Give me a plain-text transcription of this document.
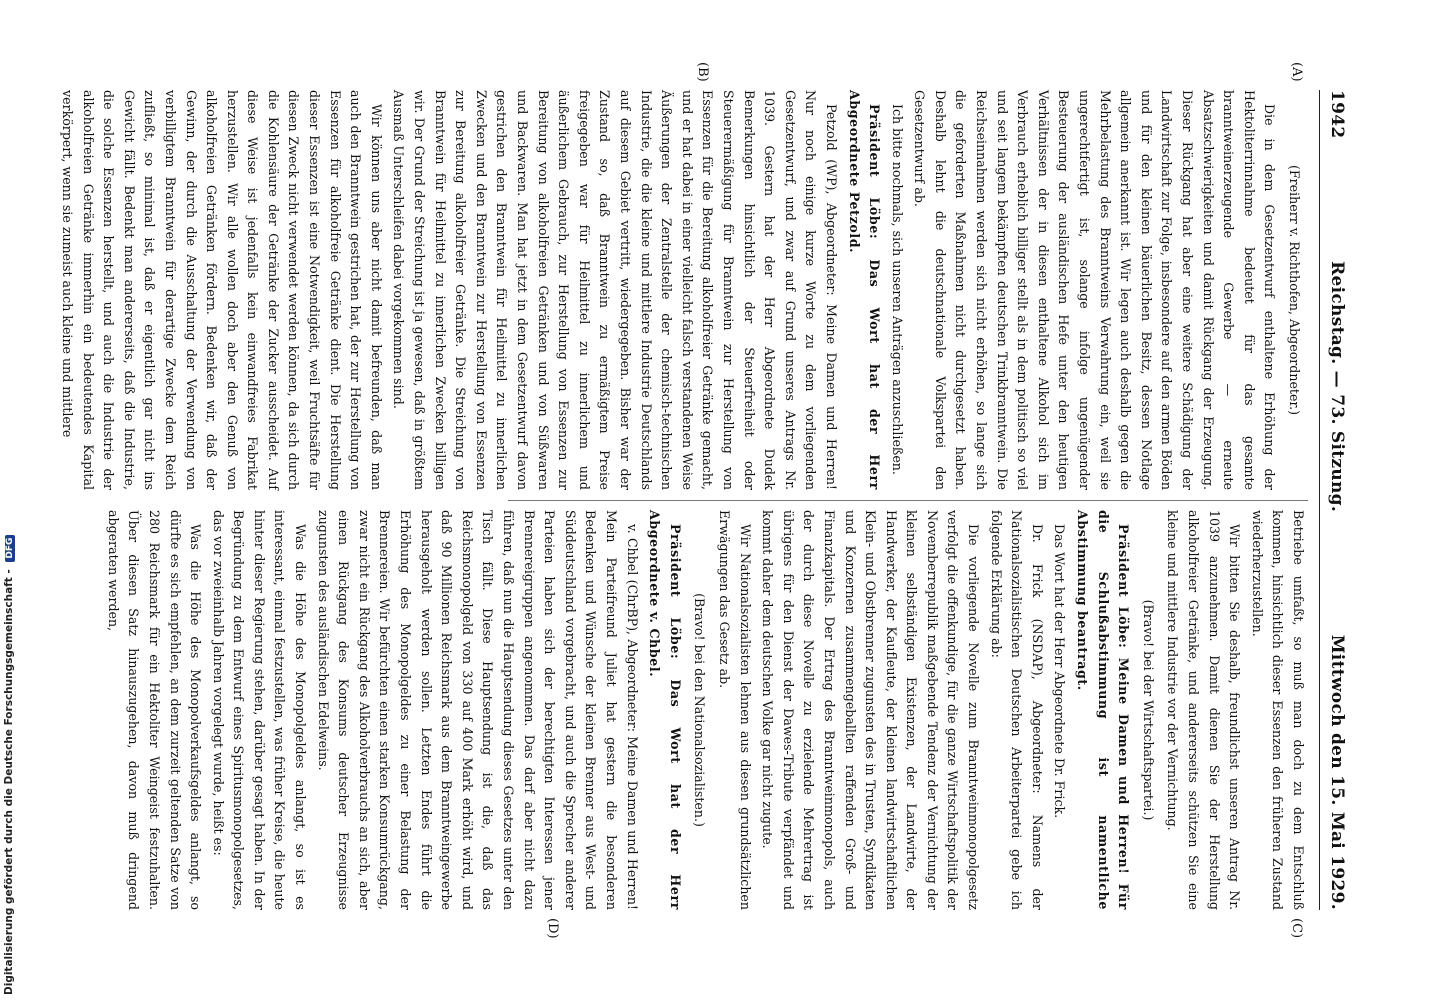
1942
Reichstag. — 73. Sitzung.
Mittwoch den 15. Mai 1929.
(A)
(B)
(C)
(D)

(Freiherr v. Richthofen, Abgeordneter.)

Die in dem Gesetzentwurf enthaltene Erhöhung der Hektoliterrinnahme bedeutet für das gesamte branntweinerzeugende Gewerbe — erneute Absatzschwierigkeiten und damit Rückgang der Erzeugung. Dieser Rückgang hat aber eine weitere Schädigung der Landwirtschaft zur Folge, insbesondere auf den armen Böden und für den kleinen bäuerlichen Besitz, dessen Notlage allgemein anerkannt ist. Wir legen auch deshalb gegen die Mehrbelastung des Branntweins Verwahrung ein, weil sie ungerechtfertigt ist, solange infolge ungenügender Besteuerung der ausländischen Hefe unter den heutigen Verhältnissen der in diesen enthaltene Alkohol sich im Verbrauch erheblich billiger stellt als in dem politisch so viel und seit langem bekämpften deutschen Trinkbranntwein. Die Reichseinnahmen werden sich nicht erhöhen, so lange sich die geforderten Maßnahmen nicht durchgesetzt haben. Deshalb lehnt die deutschnationale Volkspartei den Gesetzentwurf ab.

Ich bitte nochmals, sich unseren Anträgen anzuschließen.

Präsident Löbe: Das Wort hat der Herr Abgeordnete Petzold.

Petzold (WP), Abgeordneter: Meine Damen und Herren! Nur noch einige kurze Worte zu dem vorliegenden Gesetzentwurf, und zwar auf Grund unseres Antrags Nr. 1039. Gestern hat der Herr Abgeordnete Dudek Bemerkungen hinsichtlich der Steuerfreiheit oder Steuerermäßigung für Branntwein zur Herstellung von Essenzen für die Bereitung alkoholfreier Getränke gemacht, und er hat dabei in einer vielleicht falsch verstandenen Weise Äußerungen der Zentralstelle der chemisch-technischen Industrie, die die kleine und mittlere Industrie Deutschlands auf diesem Gebiet vertritt, wiedergegeben. Bisher war der Zustand so, daß Branntwein zu ermäßigtem Preise freigegeben war für Heilmittel zu innerlichem und äußerlichem Gebrauch, zur Herstellung von Essenzen zur Bereitung von alkoholfreien Getränken und von Süßwaren und Backwaren. Man hat jetzt in dem Gesetzentwurf davon gestrichen den Branntwein für Heilmittel zu innerlichen Zwecken und den Branntwein zur Herstellung von Essenzen zur Bereitung alkoholfreier Getränke. Die Streichung von Branntwein für Heilmittel zu innerlichen Zwecken billigen wir. Der Grund der Streichung ist ja gewesen, daß in größtem Ausmaß Unterschleifen dabei vorgekommen sind.

Wir können uns aber nicht damit befreunden, daß man auch den Branntwein gestrichen hat, der zur Herstellung von Essenzen für alkoholfreie Getränke dient. Die Herstellung dieser Essenzen ist eine Notwendigkeit, weil Fruchtsäfte für diesen Zweck nicht verwendet werden können, da sich durch die Kohlensäure der Getränke der Zucker ausscheidet. Auf diese Weise ist jedenfalls kein einwandfreies Fabrikat herzustellen. Wir alle wollen doch aber den Genuß von alkoholfreien Getränken fördern. Bedenken wir, daß der Gewinn, der durch die Ausschaltung der Verwendung von verbilligtem Branntwein für derartige Zwecke dem Reich zufließt, so minimal ist, daß er eigentlich gar nicht ins Gewicht fällt. Bedenkt man andererseits, daß die Industrie, die solche Essenzen herstellt, und auch die Industrie der alkoholfreien Getränke immerhin ein bedeutendes Kapital verkörpert, wenn sie zumeist auch kleine und mittlere

Betriebe umfaßt, so muß man doch zu dem Entschluß kommen, hinsichtlich dieser Essenzen den früheren Zustand wiederherzustellen.

Wir bitten Sie deshalb, freundlichst unseren Antrag Nr. 1039 anzunehmen. Damit dienen Sie der Herstellung alkoholfreier Getränke, und andererseits schützen Sie eine kleine und mittlere Industrie vor der Vernichtung.

(Bravo! bei der Wirtschaftspartei.)

Präsident Löbe: Meine Damen und Herren! Für die Schlußabstimmung ist namentliche Abstimmung beantragt.

Das Wort hat der Herr Abgeordnete Dr. Frick.

Dr. Frick (NSDAP), Abgeordneter: Namens der Nationalsozialistischen Deutschen Arbeiterpartei gebe ich folgende Erklärung ab:

Die vorliegende Novelle zum Branntweinmonopolgesetz verfolgt die offenkundige, für die ganze Wirtschaftspolitik der Novemberrepublik maßgebende Tendenz der Vernichtung der kleinen selbständigen Existenzen, der Landwirte, der Handwerker, der Kaufleute, der kleinen landwirtschaftlichen Klein- und Obstbrenner zugunsten des in Trusten, Syndikaten und Konzernen zusammengeballten raffenden Groß- und Finanzkapitals. Der Ertrag des Branntweinmonopols, auch der durch diese Novelle zu erzielende Mehrertrag ist übrigens für den Dienst der Dawes-Tribute verpfändet und kommt daher dem deutschen Volke gar nicht zugute.

Wir Nationalsozialisten lehnen aus diesen grundsätzlichen Erwägungen das Gesetz ab.

(Bravo! bei den Nationalsozialisten.)

Präsident Löbe: Das Wort hat der Herr Abgeordnete v. Chbel.

v. Chbel (ChrBP), Abgeordneter: Meine Damen und Herren! Mein Parteifreund Juliet hat gestern die besonderen Bedenken und Wünsche der kleinen Brenner aus West- und Süddeutschland vorgebracht, und auch die Sprecher anderer Parteien haben sich der berechtigten Interessen jener Brennereigruppen angenommen. Das darf aber nicht dazu führen, daß nun die Hauptsendung dieses Gesetzes unter den Tisch fällt. Diese Hauptsendung ist die, daß das Reichsmonopolgeld von 330 auf 400 Mark erhöht wird, und daß 90 Millionen Reichsmark aus dem Branntweingewerbe herausgeholt werden sollen. Letzten Endes führt die Erhöhung des Monopolgeldes zu einer Belastung der Brennereien. Wir befürchten einen starken Konsumrückgang, zwar nicht ein Rückgang des Alkoholverbrauchs an sich, aber einen Rückgang des Konsums deutscher Erzeugnisse zugunsten des ausländischen Edelweins.

Was die Höhe des Monopolgeldes anlangt, so ist es interessant, einmal festzustellen, was früher Kreise, die heute hinter dieser Regierung stehen, darüber gesagt haben. In der Begründung zu dem Entwurf eines Spiritusmonopolgesetzes, das vor zweieinhalb Jahren vorgelegt wurde, heißt es:

Was die Höhe des Monopolverkaufsgeldes anlangt, so dürfte es sich empfehlen, an dem zurzeit geltenden Satze von 280 Reichsmark für ein Hektoliter Weingeist festzuhalten. Über diesen Satz hinauszugehen, davon muß dringend abgeraten werden,

Digitalisierung gefördert durch die Deutsche Forschungsgemeinschaft - DFG
